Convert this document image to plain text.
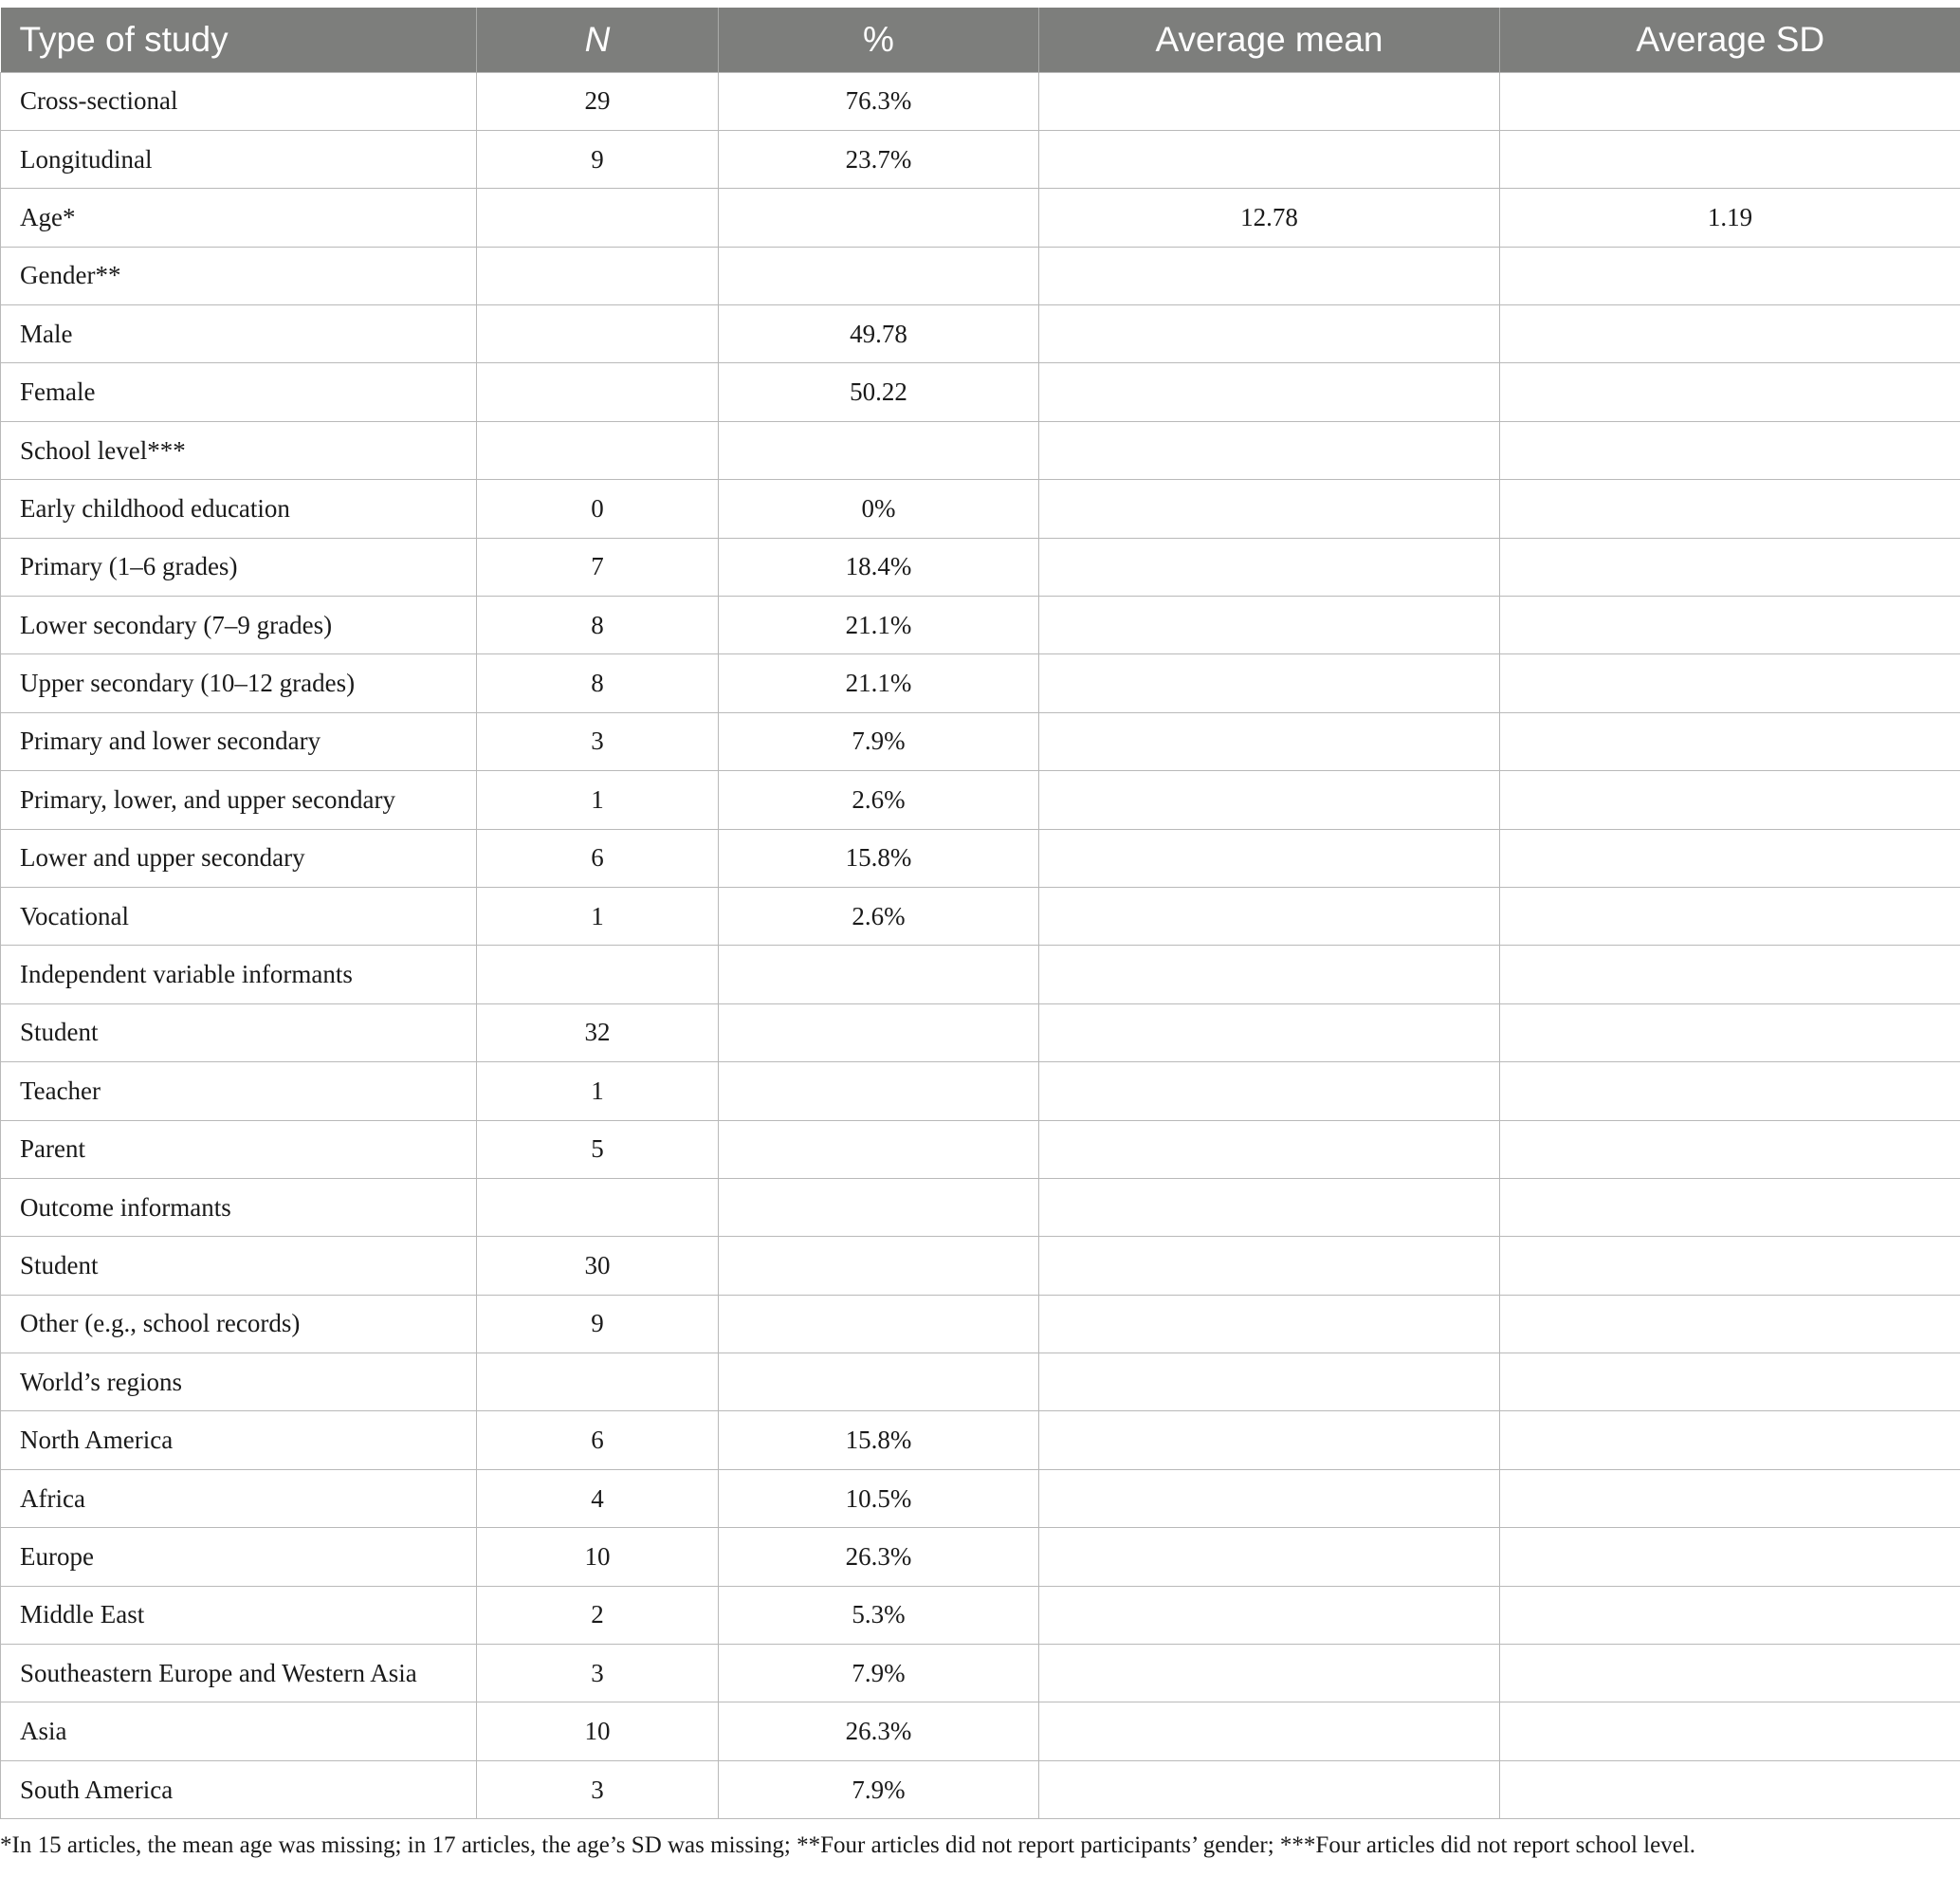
Type of study	N	%	Average mean	Average SD
Cross-sectional	29	76.3%		
Longitudinal	9	23.7%		
Age*			12.78	1.19
Gender**				
Male		49.78		
Female		50.22		
School level***				
Early childhood education	0	0%		
Primary (1–6 grades)	7	18.4%		
Lower secondary (7–9 grades)	8	21.1%		
Upper secondary (10–12 grades)	8	21.1%		
Primary and lower secondary	3	7.9%		
Primary, lower, and upper secondary	1	2.6%		
Lower and upper secondary	6	15.8%		
Vocational	1	2.6%		
Independent variable informants				
Student	32			
Teacher	1			
Parent	5			
Outcome informants				
Student	30			
Other (e.g., school records)	9			
World’s regions				
North America	6	15.8%		
Africa	4	10.5%		
Europe	10	26.3%		
Middle East	2	5.3%		
Southeastern Europe and Western Asia	3	7.9%		
Asia	10	26.3%		
South America	3	7.9%		
*In 15 articles, the mean age was missing; in 17 articles, the age’s SD was missing; **Four articles did not report participants’ gender; ***Four articles did not report school level.
